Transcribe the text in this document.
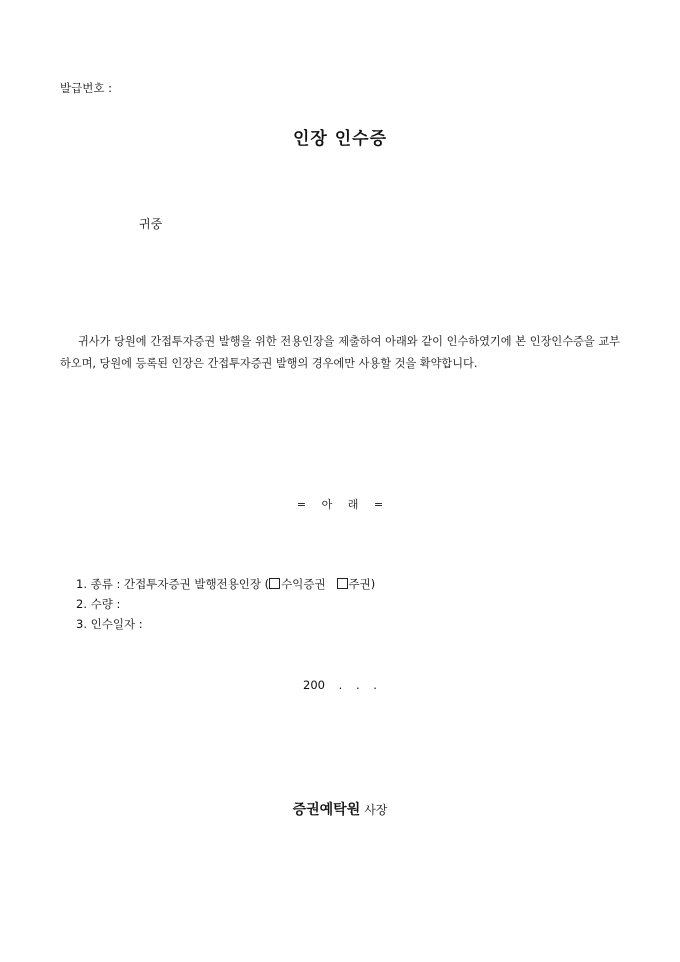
발급번호 :
인장 인수증
귀중
귀사가 당원에 간접투자증권 발행을 위한 전용인장을 제출하여 아래와 같이 인수하였기에 본 인장인수증을 교부하오며, 당원에 등록된 인장은 간접투자증권 발행의 경우에만 사용할 것을 확약합니다.
= 아 래 =
1. 종류 : 간접투자증권 발행전용인장 ( 수익증권 주권)
2. 수량 :
3. 인수일자 :
200 . . .
증권예탁원 사장
